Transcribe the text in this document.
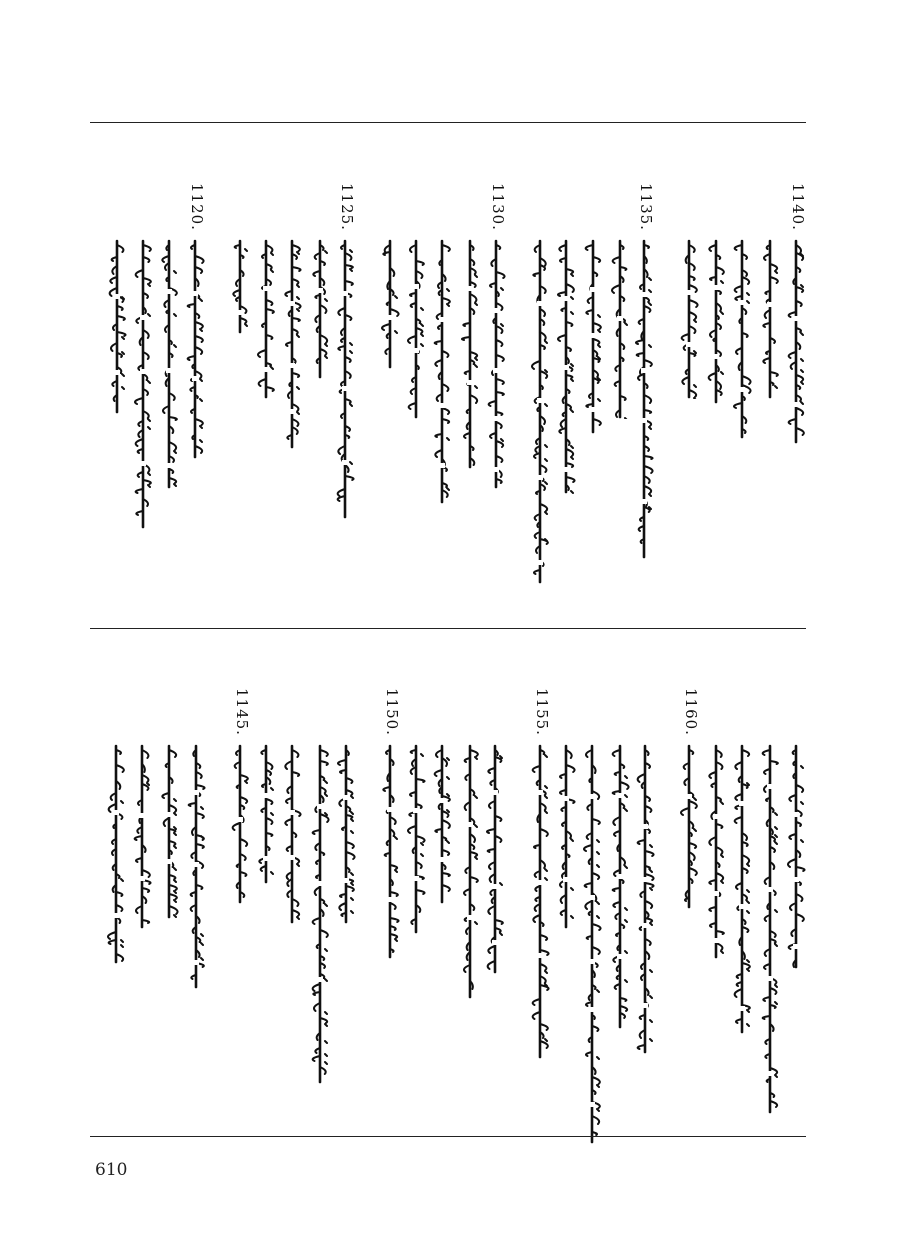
1140.
1135.
1130.
1125.
1120.
1160.
1155.
1150.
1145.
610
